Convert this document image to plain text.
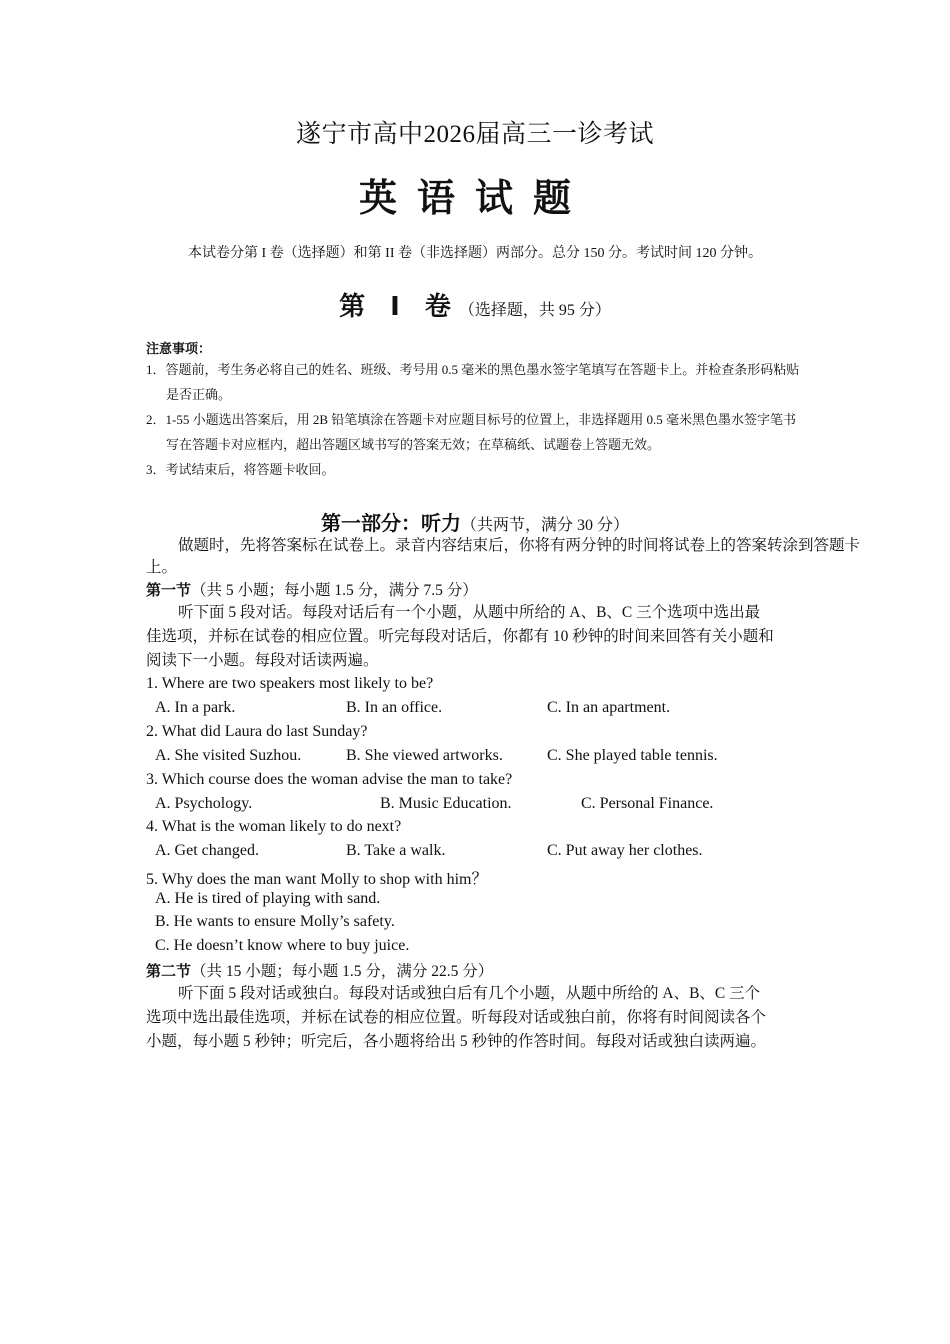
遂宁市高中2026届高三一诊考试
英语试题
本试卷分第 I 卷（选择题）和第 II 卷（非选择题）两部分。总分 150 分。考试时间 120 分钟。
第 Ⅰ 卷（选择题，共 95 分）
注意事项：
1．答题前，考生务必将自己的姓名、班级、考号用 0.5 毫米的黑色墨水签字笔填写在答题卡上。并检查条形码粘贴
是否正确。
2．1-55 小题选出答案后，用 2B 铅笔填涂在答题卡对应题目标号的位置上，非选择题用 0.5 毫米黑色墨水签字笔书
写在答题卡对应框内，超出答题区域书写的答案无效；在草稿纸、试题卷上答题无效。
3．考试结束后，将答题卡收回。
第一部分：听力（共两节，满分 30 分）
做题时，先将答案标在试卷上。录音内容结束后，你将有两分钟的时间将试卷上的答案转涂到答题卡
上。
第一节（共 5 小题；每小题 1.5 分，满分 7.5 分）
听下面 5 段对话。每段对话后有一个小题，从题中所给的 A、B、C 三个选项中选出最
佳选项，并标在试卷的相应位置。听完每段对话后，你都有 10 秒钟的时间来回答有关小题和
阅读下一小题。每段对话读两遍。
1. Where are two speakers most likely to be?
A. In a park.	B. In an office.	C. In an apartment.
2. What did Laura do last Sunday?
A. She visited Suzhou.	B. She viewed artworks.	C. She played table tennis.
3. Which course does the woman advise the man to take?
A. Psychology.	B. Music Education.	C. Personal Finance.
4. What is the woman likely to do next?
A. Get changed.	B. Take a walk.	C. Put away her clothes.
5. Why does the man want Molly to shop with him？
A. He is tired of playing with sand.
B. He wants to ensure Molly’s safety.
C. He doesn’t know where to buy juice.
第二节（共 15 小题；每小题 1.5 分，满分 22.5 分）
听下面 5 段对话或独白。每段对话或独白后有几个小题，从题中所给的 A、B、C 三个
选项中选出最佳选项，并标在试卷的相应位置。听每段对话或独白前，你将有时间阅读各个
小题，每小题 5 秒钟；听完后，各小题将给出 5 秒钟的作答时间。每段对话或独白读两遍。
